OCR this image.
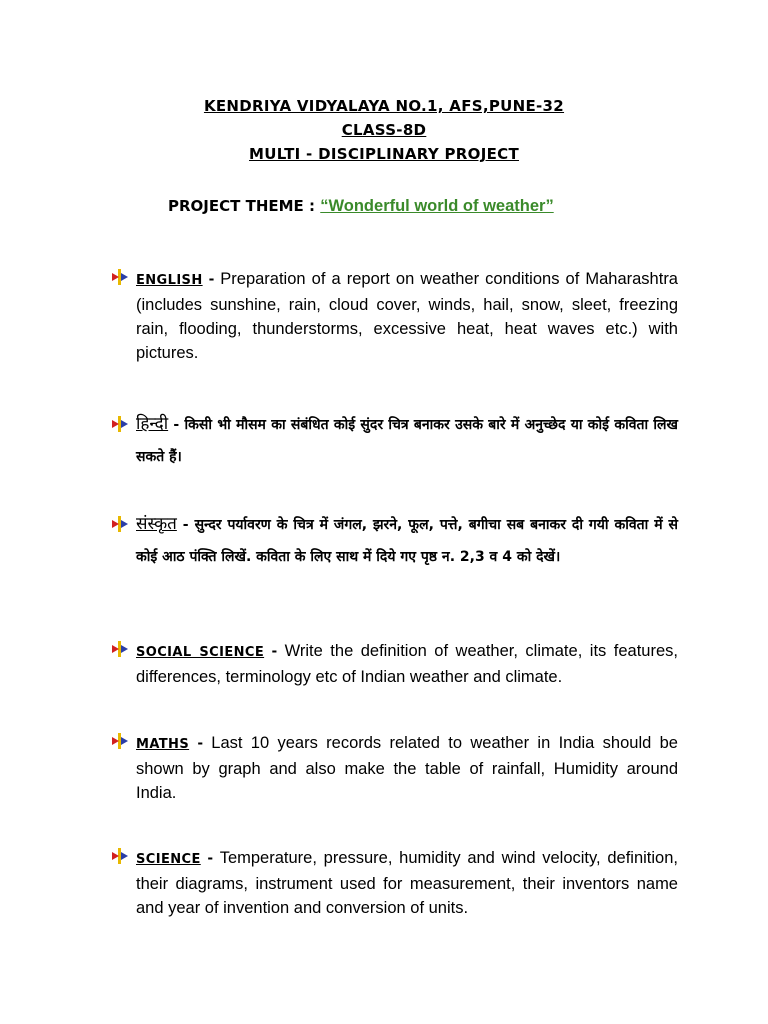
KENDRIYA VIDYALAYA NO.1, AFS,PUNE-32
CLASS-8D
MULTI - DISCIPLINARY PROJECT
PROJECT THEME : “Wonderful world of weather”
ENGLISH - Preparation of a report on weather conditions of Maharashtra (includes sunshine, rain, cloud cover, winds, hail, snow, sleet, freezing rain, flooding, thunderstorms, excessive heat, heat waves etc.) with pictures.
हिन्दी - किसी भी मौसम का संबंधित कोई सुंदर चित्र बनाकर उसके बारे में अनुच्छेद या कोई कविता लिख सकते हैं।
संस्कृत - सुन्दर पर्यावरण के चित्र में जंगल, झरने, फूल, पत्ते, बगीचा सब बनाकर दी गयी कविता में से कोई आठ पंक्ति लिखें. कविता के लिए साथ में दिये गए पृष्ठ न. 2,3 व 4 को देखें।
SOCIAL SCIENCE - Write the definition of weather, climate, its features, differences, terminology etc of Indian weather and climate.
MATHS - Last 10 years records related to weather in India should be shown by graph and also make the table of rainfall, Humidity around India.
SCIENCE - Temperature, pressure, humidity and wind velocity, definition, their diagrams, instrument used for measurement, their inventors name and year of invention and conversion of units.
